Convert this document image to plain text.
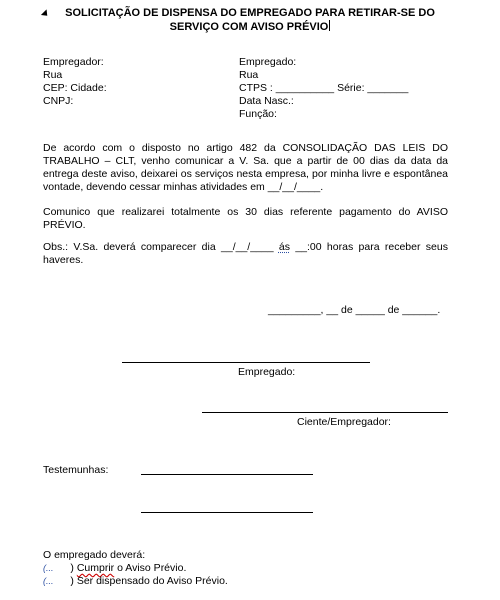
SOLICITAÇÃO DE DISPENSA DO EMPREGADO PARA RETIRAR-SE DO
SERVIÇO COM AVISO PRÉVIO
Empregador:
Rua
CEP: Cidade:
CNPJ:
Empregado:
Rua
CTPS : __________ Série: _______
Data Nasc.:
Função:

De acordo com o disposto no artigo 482 da CONSOLIDAÇÃO DAS LEIS DO TRABALHO – CLT, venho comunicar a V. Sa. que a partir de 00 dias da data da entrega deste aviso, deixarei os serviços nesta empresa, por minha livre e espontânea vontade, devendo cessar minhas atividades em __/__/____.

Comunico que realizarei totalmente os 30 dias referente pagamento do AVISO PRÉVIO.

Obs.: V.Sa. deverá comparecer dia __/__/____ ás __:00 horas para receber seus haveres.

_________, __ de _____ de ______.
Empregado:
Ciente/Empregador:
Testemunhas:
O empregado deverá:
(... ) Cumprir o Aviso Prévio.
(... ) Ser dispensado do Aviso Prévio.
